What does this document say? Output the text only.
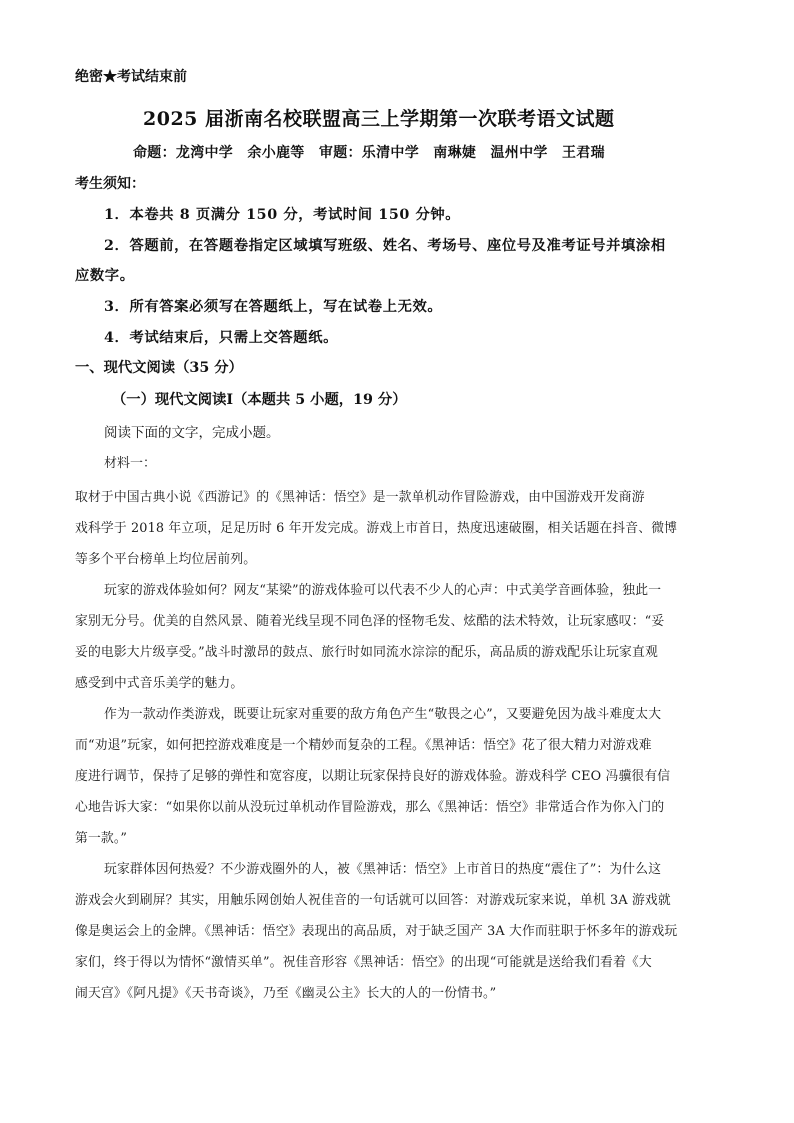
绝密★考试结束前
2025 届浙南名校联盟高三上学期第一次联考语文试题
命题：龙湾中学　余小鹿等　审题：乐清中学　南琳婕　温州中学　王君瑞
考生须知：
1．本卷共 8 页满分 150 分，考试时间 150 分钟。
2．答题前，在答题卷指定区域填写班级、姓名、考场号、座位号及准考证号并填涂相
应数字。
3．所有答案必须写在答题纸上，写在试卷上无效。
4．考试结束后，只需上交答题纸。
一、现代文阅读（35 分）
（一）现代文阅读Ⅰ（本题共 5 小题，19 分）
阅读下面的文字，完成小题。
材料一：
取材于中国古典小说《西游记》的《黑神话：悟空》是一款单机动作冒险游戏，由中国游戏开发商游
戏科学于 2018 年立项，足足历时 6 年开发完成。游戏上市首日，热度迅速破圈，相关话题在抖音、微博
等多个平台榜单上均位居前列。
玩家的游戏体验如何？网友“某梁”的游戏体验可以代表不少人的心声：中式美学音画体验，独此一
家别无分号。优美的自然风景、随着光线呈现不同色泽的怪物毛发、炫酷的法术特效，让玩家感叹：“妥
妥的电影大片级享受。”战斗时激昂的鼓点、旅行时如同流水淙淙的配乐，高品质的游戏配乐让玩家直观
感受到中式音乐美学的魅力。
作为一款动作类游戏，既要让玩家对重要的敌方角色产生“敬畏之心”，又要避免因为战斗难度太大
而“劝退”玩家，如何把控游戏难度是一个精妙而复杂的工程。《黑神话：悟空》花了很大精力对游戏难
度进行调节，保持了足够的弹性和宽容度，以期让玩家保持良好的游戏体验。游戏科学 CEO 冯骥很有信
心地告诉大家：“如果你以前从没玩过单机动作冒险游戏，那么《黑神话：悟空》非常适合作为你入门的
第一款。”
玩家群体因何热爱？不少游戏圈外的人，被《黑神话：悟空》上市首日的热度“震住了”：为什么这
游戏会火到刷屏？其实，用触乐网创始人祝佳音的一句话就可以回答：对游戏玩家来说，单机 3A 游戏就
像是奥运会上的金牌。《黑神话：悟空》表现出的高品质，对于缺乏国产 3A 大作而驻职于怀多年的游戏玩
家们，终于得以为情怀“激情买单”。祝佳音形容《黑神话：悟空》的出现“可能就是送给我们看着《大
闹天宫》《阿凡提》《天书奇谈》，乃至《幽灵公主》长大的人的一份情书。”
